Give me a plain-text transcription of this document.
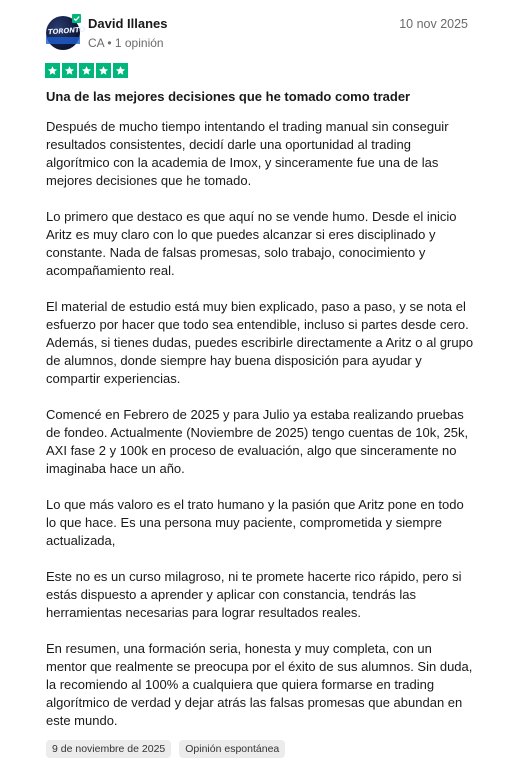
TORONTO David Illanes
CA • 1 opinión
10 nov 2025
Una de las mejores decisiones que he tomado como trader

Después de mucho tiempo intentando el trading manual sin conseguir resultados consistentes, decidí darle una oportunidad al trading algorítmico con la academia de Imox, y sinceramente fue una de las mejores decisiones que he tomado.

Lo primero que destaco es que aquí no se vende humo. Desde el inicio Aritz es muy claro con lo que puedes alcanzar si eres disciplinado y constante. Nada de falsas promesas, solo trabajo, conocimiento y acompañamiento real.

El material de estudio está muy bien explicado, paso a paso, y se nota el esfuerzo por hacer que todo sea entendible, incluso si partes desde cero. Además, si tienes dudas, puedes escribirle directamente a Aritz o al grupo de alumnos, donde siempre hay buena disposición para ayudar y compartir experiencias.

Comencé en Febrero de 2025 y para Julio ya estaba realizando pruebas de fondeo. Actualmente (Noviembre de 2025) tengo cuentas de 10k, 25k, AXI fase 2 y 100k en proceso de evaluación, algo que sinceramente no imaginaba hace un año.

Lo que más valoro es el trato humano y la pasión que Aritz pone en todo lo que hace. Es una persona muy paciente, comprometida y siempre actualizada,

Este no es un curso milagroso, ni te promete hacerte rico rápido, pero si estás dispuesto a aprender y aplicar con constancia, tendrás las herramientas necesarias para lograr resultados reales.

En resumen, una formación seria, honesta y muy completa, con un mentor que realmente se preocupa por el éxito de sus alumnos. Sin duda, la recomiendo al 100% a cualquiera que quiera formarse en trading algorítmico de verdad y dejar atrás las falsas promesas que abundan en este mundo.

9 de noviembre de 2025	Opinión espontánea
